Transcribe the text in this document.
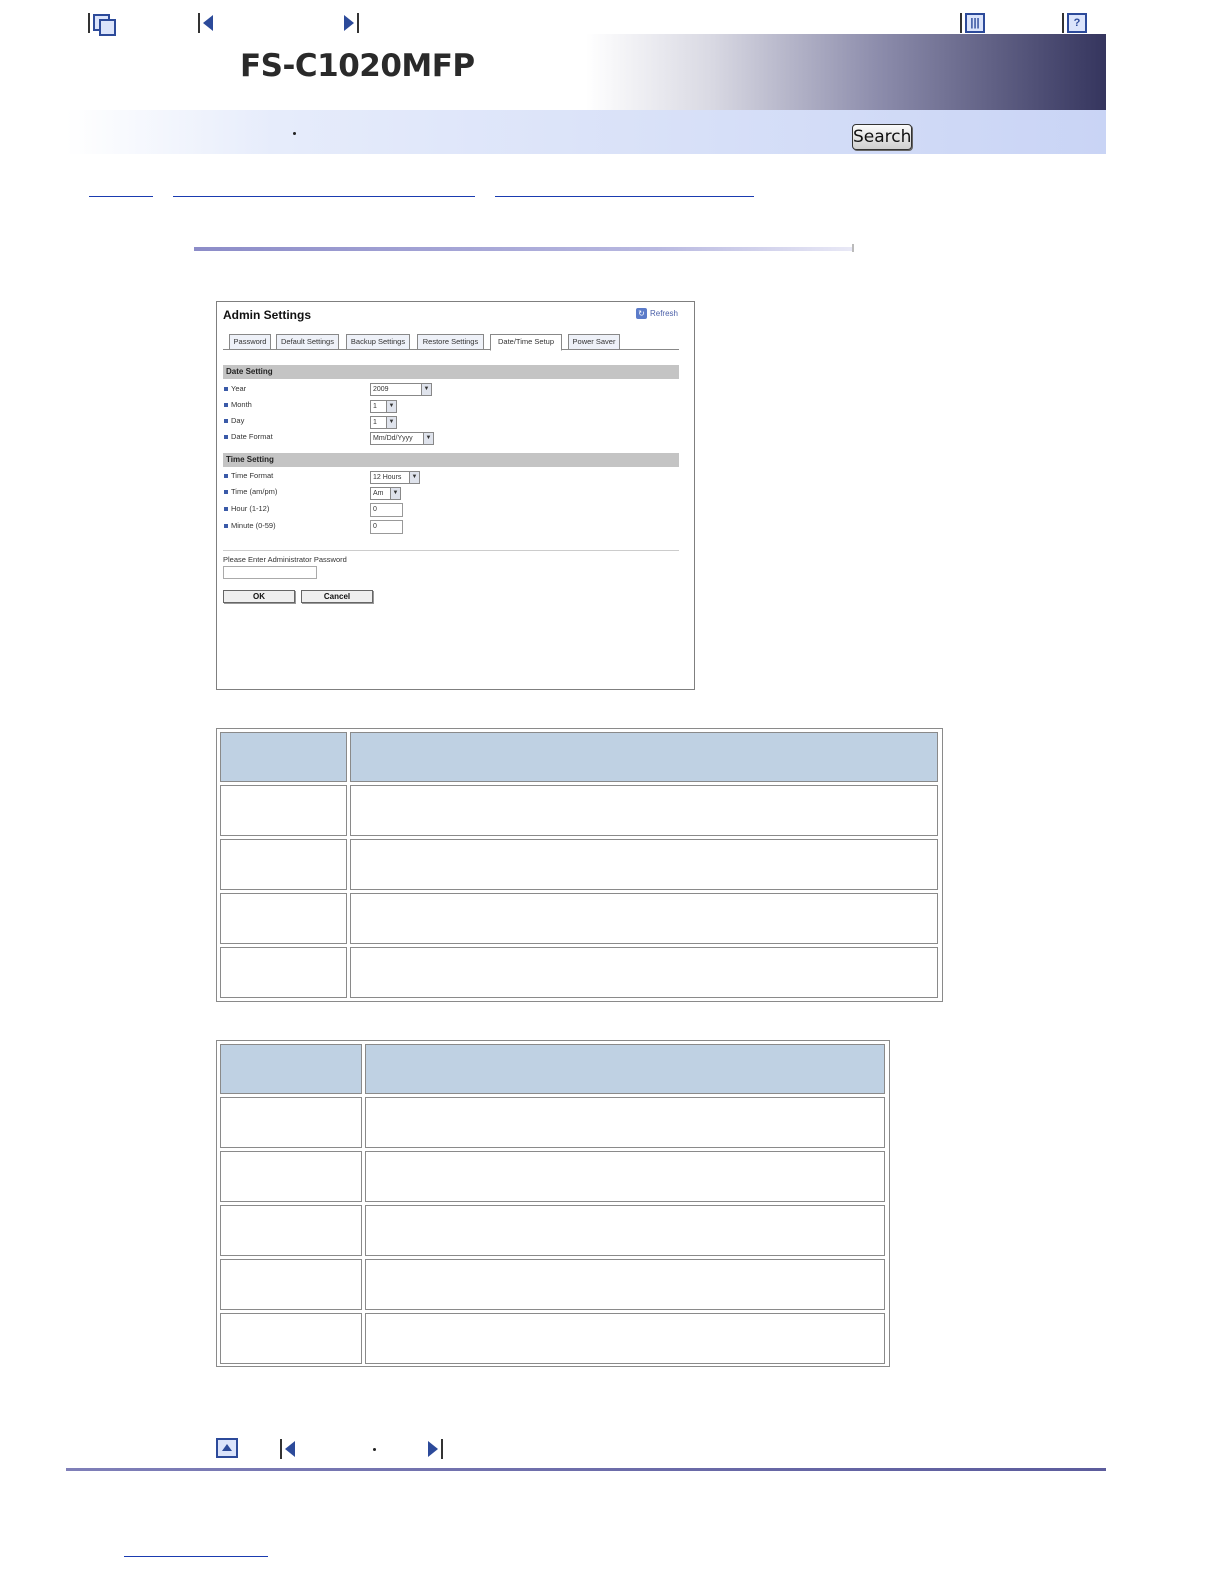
FS-C1020MFP
Search
|||	?
Admin Settings	↻ Refresh
Password	Default Settings	Backup Settings	Restore Settings	Date/Time Setup	Power Saver
Date Setting
Year	2009	▼
Month	1	▼
Day	1	▼
Date Format	Mm/Dd/Yyyy	▼
Time Setting
Time Format	12 Hours	▼
Time (am/pm)	Am	▼
Hour (1-12)	0
Minute (0-59)	0
Please Enter Administrator Password
OK	Cancel
